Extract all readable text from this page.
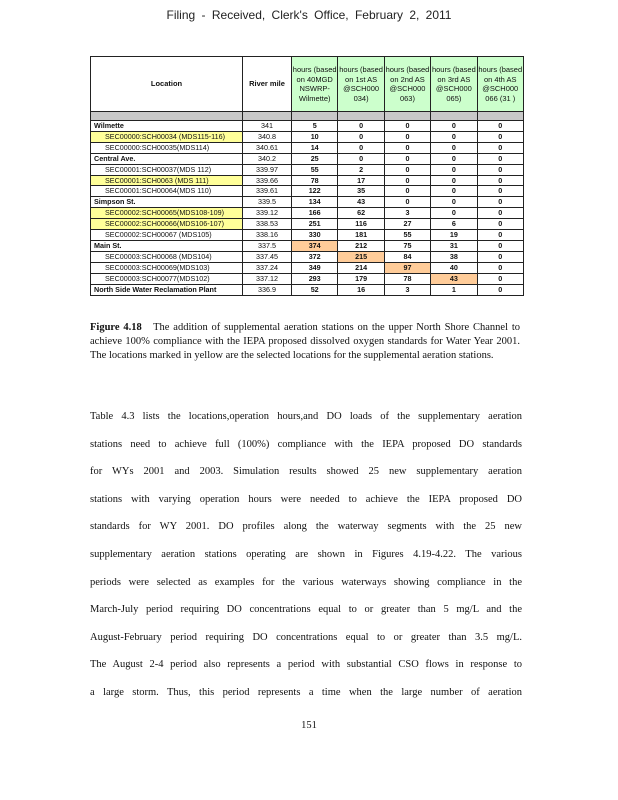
Filing - Received, Clerk's Office, February 2, 2011
Location	River mile	hours (based on 40MGD NSWRP- Wilmette)	hours (based on 1st AS @SCH000 034)	hours (based on 2nd AS @SCH000 063)	hours (based on 3rd AS @SCH000 065)	hours (based on 4th AS @SCH000 066 (31 )

Wilmette	341	5	0	0	0	0
SEC00000:SCH00034 (MDS115-116)	340.8	10	0	0	0	0
SEC00000:SCH00035(MDS114)	340.61	14	0	0	0	0
Central Ave.	340.2	25	0	0	0	0
SEC00001:SCH00037(MDS 112)	339.97	55	2	0	0	0
SEC00001:SCH0063 (MDS 111)	339.66	78	17	0	0	0
SEC00001:SCH00064(MDS 110)	339.61	122	35	0	0	0
Simpson St.	339.5	134	43	0	0	0
SEC00002:SCH00065(MDS108-109)	339.12	166	62	3	0	0
SEC00002:SCH00066(MDS106-107)	338.53	251	116	27	6	0
SEC00002:SCH00067 (MDS105)	338.16	330	181	55	19	0
Main St.	337.5	374	212	75	31	0
SEC00003:SCH00068 (MDS104)	337.45	372	215	84	38	0
SEC00003:SCH00069(MDS103)	337.24	349	214	97	40	0
SEC00003:SCH00077(MDS102)	337.12	293	179	78	43	0
North Side Water Reclamation Plant	336.9	52	16	3	1	0
Figure 4.18 The addition of supplemental aeration stations on the upper North Shore Channel to achieve 100% compliance with the IEPA proposed dissolved oxygen standards for Water Year 2001. The locations marked in yellow are the selected locations for the supplemental aeration stations.
Table 4.3 lists the locations,operation hours,and DO loads of the supplementary aeration
stations need to achieve full (100%) compliance with the IEPA proposed DO standards
for WYs 2001 and 2003. Simulation results showed 25 new supplementary aeration
stations with varying operation hours were needed to achieve the IEPA proposed DO
standards for WY 2001. DO profiles along the waterway segments with the 25 new
supplementary aeration stations operating are shown in Figures 4.19-4.22. The various
periods were selected as examples for the various waterways showing compliance in the
March-July period requiring DO concentrations equal to or greater than 5 mg/L and the
August-February period requiring DO concentrations equal to or greater than 3.5 mg/L.
The August 2-4 period also represents a period with substantial CSO flows in response to
a large storm. Thus, this period represents a time when the large number of aeration
151
